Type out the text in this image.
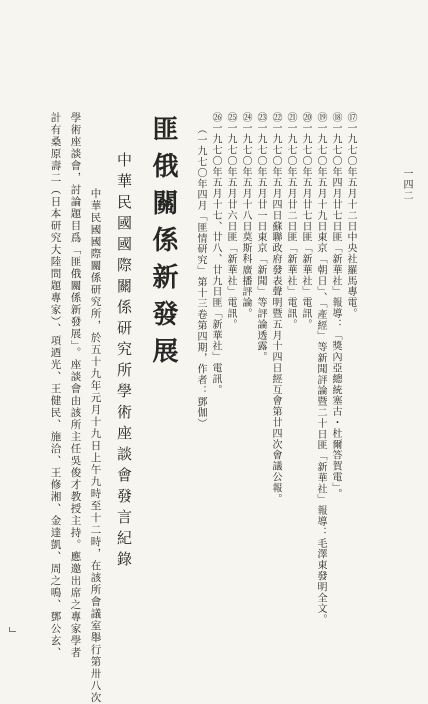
一四二
⑰一九七〇年五月十二日中央社羅馬專電。
⑱一九七〇年四月廿七日匪「新華社」報導：「獎內亞總統塞古・杜爾答賀電」。
⑲一九七〇年五月十九日東京「朝日」、「產經」等新聞評論暨二十日匪「新華社」報導：毛澤東發明全文。
⑳一九七〇年五月廿七日匪「新華社」電訊。
㉑一九七〇年五月廿二日匪「新華社」電訊。
㉒一九七〇年五月四日蘇聯政府發表聲明暨五月十四日經互會第廿四次會議公報。
㉓一九七〇年五月廿一日東京「新聞」等評論透露。
㉔一九七〇年五月十八日莫斯科廣播評論。
㉕一九七〇年五月廿六日匪「新華社」電訊。
㉖一九七〇年五月十七、廿八、廿九日匪「新華社」電訊。
（一九七〇年四月「匪情研究」第十三卷第四期，作者：鄧伽）
匪俄關係新發展
中華民國國際關係研究所學術座談會發言紀錄
中華民國國際關係研究所，於五十九年元月十九日上午九時至十二時，在該所會議室舉行第卅八次
學術座談會，討論題目爲「匪俄關係新發展」。座談會由該所主任吳俊才教授主持。應邀出席之專家學者
計有桑原壽二（日本研究大陸問題專家）、項迺光、王健民、施洽、王修湘、金達凱、周之鳴、鄧公玄、
